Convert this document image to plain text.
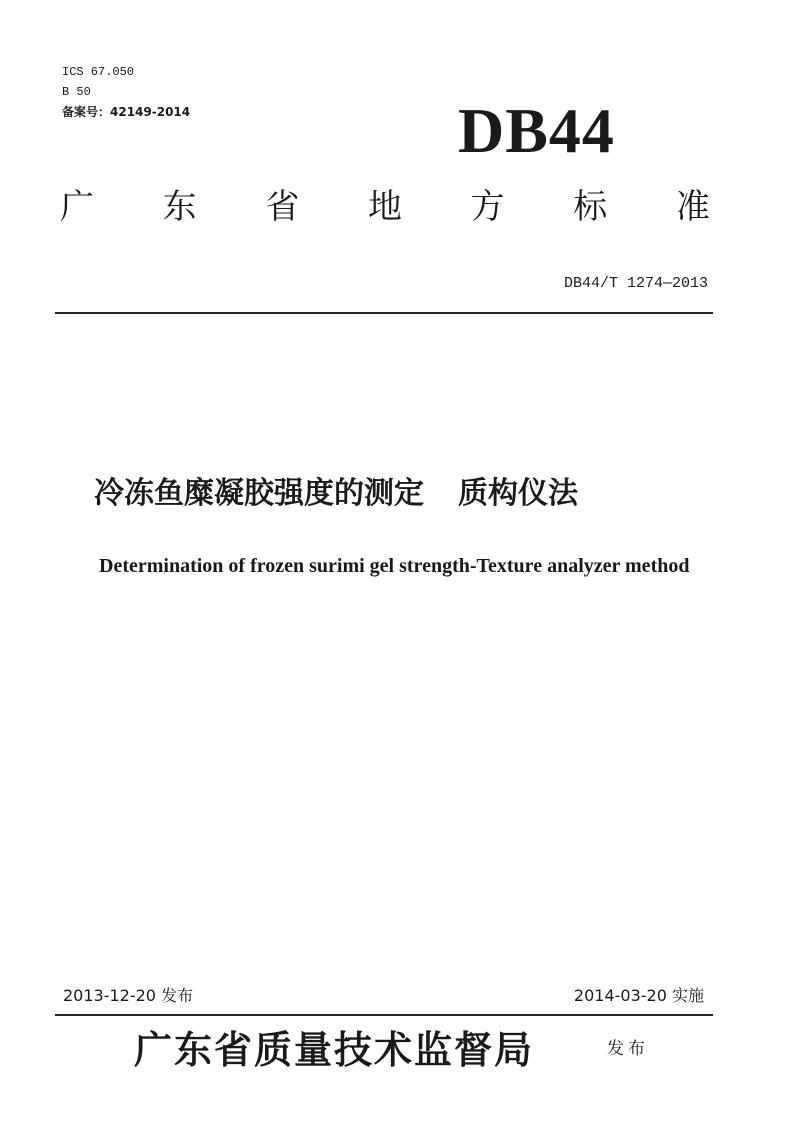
ICS 67.050
B 50
备案号：42149-2014	DB44
广 东 省 地 方 标 准
DB44/T 1274—2013
冷冻鱼糜凝胶强度的测定 质构仪法
Determination of frozen surimi gel strength-Texture analyzer method
2013-12-20 发布	2014-03-20 实施
广东省质量技术监督局	发布
